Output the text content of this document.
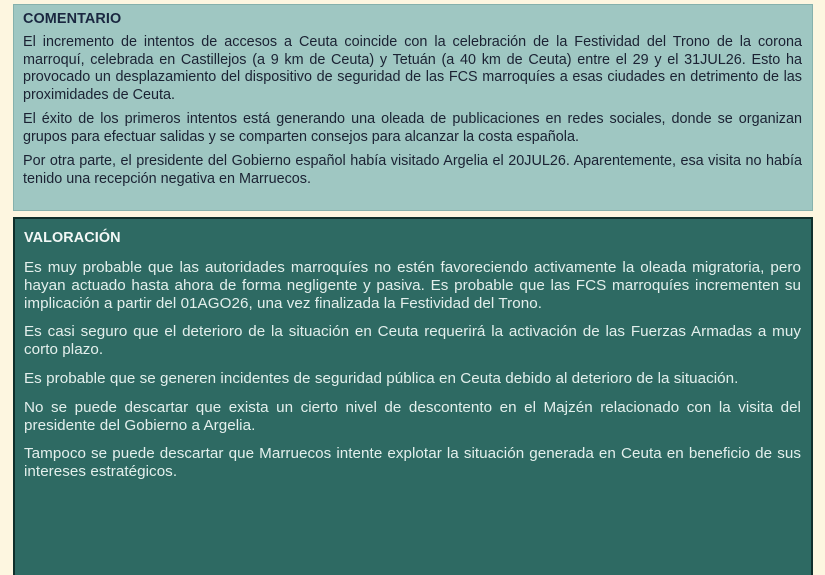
COMENTARIO

El incremento de intentos de accesos a Ceuta coincide con la celebración de la Festividad del Trono de la corona marroquí, celebrada en Castillejos (a 9 km de Ceuta) y Tetuán (a 40 km de Ceuta) entre el 29 y el 31JUL26. Esto ha provocado un desplazamiento del dispositivo de seguridad de las FCS marroquíes a esas ciudades en detrimento de las proximidades de Ceuta.

El éxito de los primeros intentos está generando una oleada de publicaciones en redes sociales, donde se organizan grupos para efectuar salidas y se comparten consejos para alcanzar la costa española.

Por otra parte, el presidente del Gobierno español había visitado Argelia el 20JUL26. Aparentemente, esa visita no había tenido una recepción negativa en Marruecos.

VALORACIÓN

Es muy probable que las autoridades marroquíes no estén favoreciendo activamente la oleada migratoria, pero hayan actuado hasta ahora de forma negligente y pasiva. Es probable que las FCS marroquíes incrementen su implicación a partir del 01AGO26, una vez finalizada la Festividad del Trono.

Es casi seguro que el deterioro de la situación en Ceuta requerirá la activación de las Fuerzas Armadas a muy corto plazo.

Es probable que se generen incidentes de seguridad pública en Ceuta debido al deterioro de la situación.

No se puede descartar que exista un cierto nivel de descontento en el Majzén relacionado con la visita del presidente del Gobierno a Argelia.

Tampoco se puede descartar que Marruecos intente explotar la situación generada en Ceuta en beneficio de sus intereses estratégicos.
